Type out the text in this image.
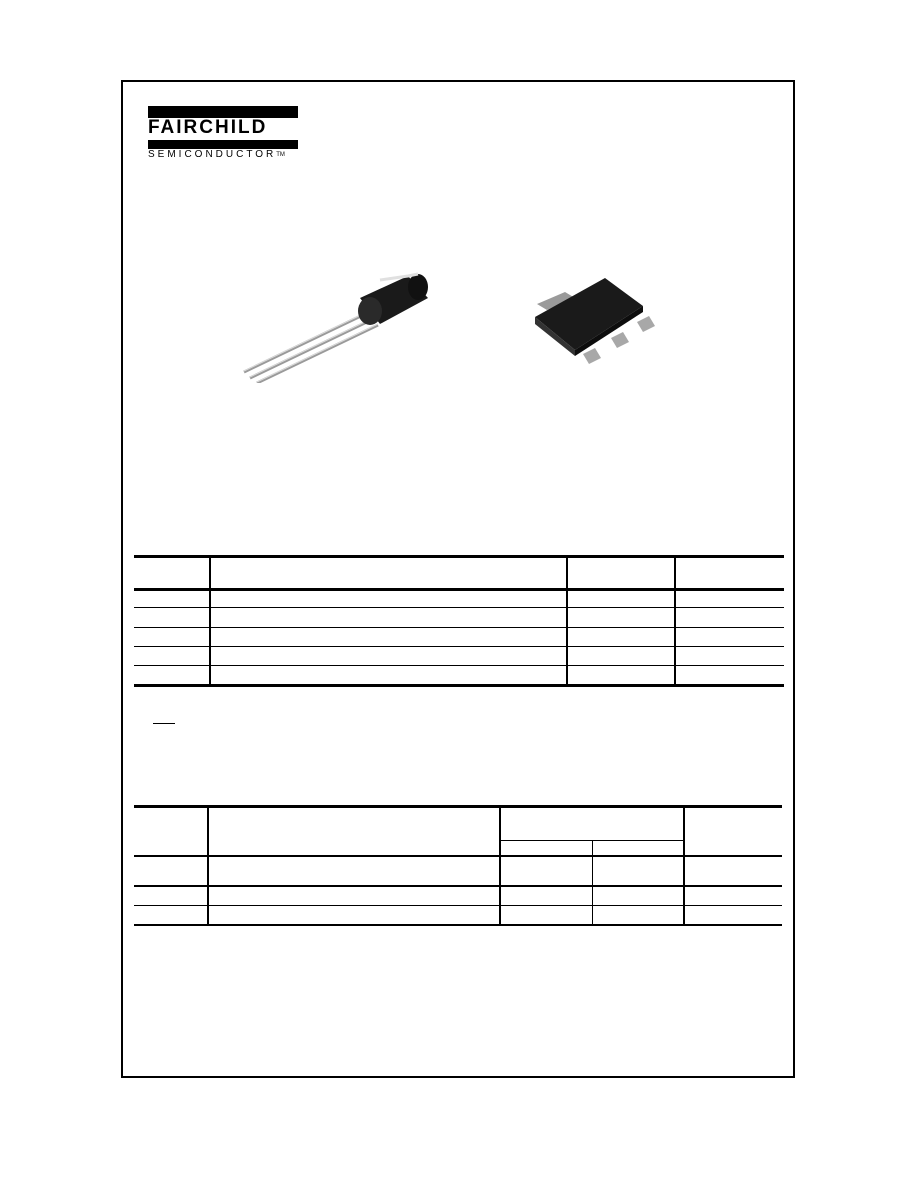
FAIRCHILD
SEMICONDUCTOR™
